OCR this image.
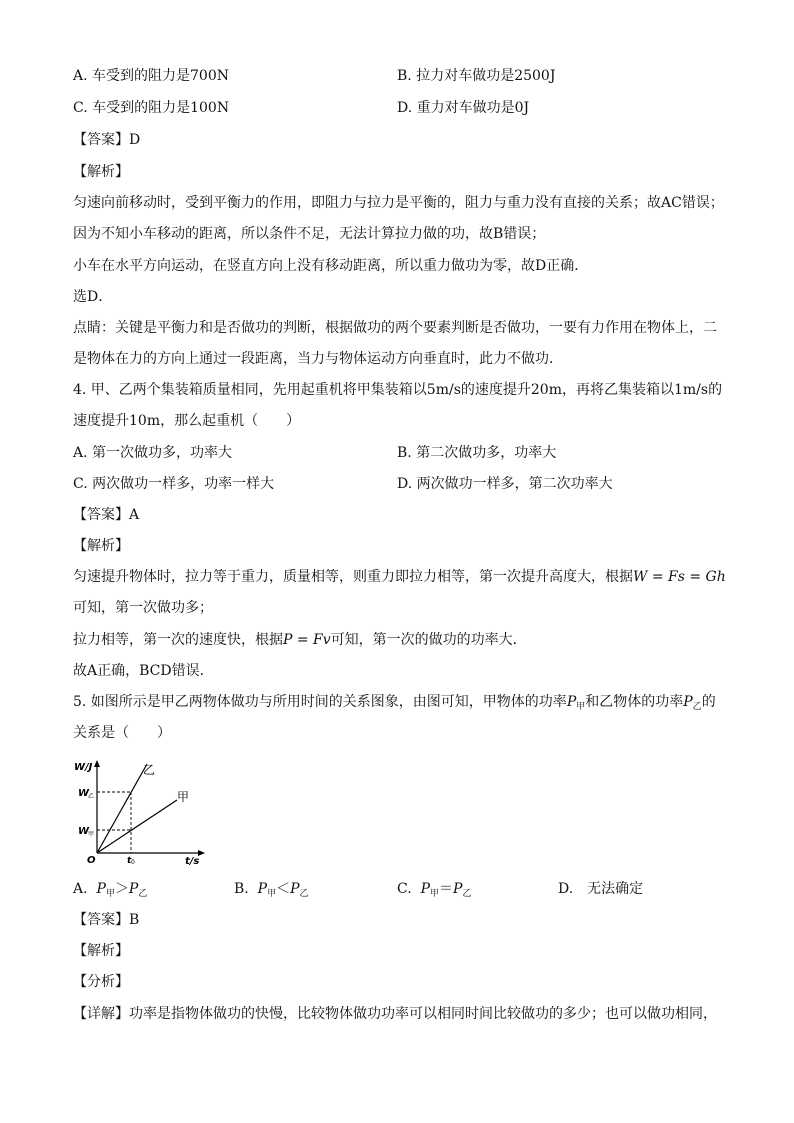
A. 车受到的阻力是700N	B. 拉力对车做功是2500J
C. 车受到的阻力是100N	D. 重力对车做功是0J
【答案】D
【解析】
匀速向前移动时，受到平衡力的作用，即阻力与拉力是平衡的，阻力与重力没有直接的关系；故AC错误；
因为不知小车移动的距离，所以条件不足，无法计算拉力做的功，故B错误；
小车在水平方向运动，在竖直方向上没有移动距离，所以重力做功为零，故D正确．
选D．
点睛：关键是平衡力和是否做功的判断，根据做功的两个要素判断是否做功，一要有力作用在物体上，二
是物体在力的方向上通过一段距离，当力与物体运动方向垂直时，此力不做功．
4. 甲、乙两个集装箱质量相同，先用起重机将甲集装箱以5m/s的速度提升20m，再将乙集装箱以1m/s的
速度提升10m，那么起重机（　　）
A. 第一次做功多，功率大	B. 第二次做功多，功率大
C. 两次做功一样多，功率一样大	D. 两次做功一样多，第二次功率大
【答案】A
【解析】
匀速提升物体时，拉力等于重力，质量相等，则重力即拉力相等，第一次提升高度大，根据W = Fs = Gh
可知，第一次做功多；
拉力相等，第一次的速度快，根据P = Fv可知，第一次的做功的功率大．
故A正确，BCD错误．
5. 如图所示是甲乙两物体做功与所用时间的关系图象，由图可知，甲物体的功率$P_甲$和乙物体的功率$P_乙$的
关系是（　　）
W/J
t/s
O
W
乙
W
甲
t 0
乙
甲
A. $P_甲>P_乙$	B. $P_甲<P_乙$	C. $P_甲=P_乙$	D.　无法确定
【答案】B
【解析】
【分析】
【详解】功率是指物体做功的快慢，比较物体做功功率可以相同时间比较做功的多少；也可以做功相同，
